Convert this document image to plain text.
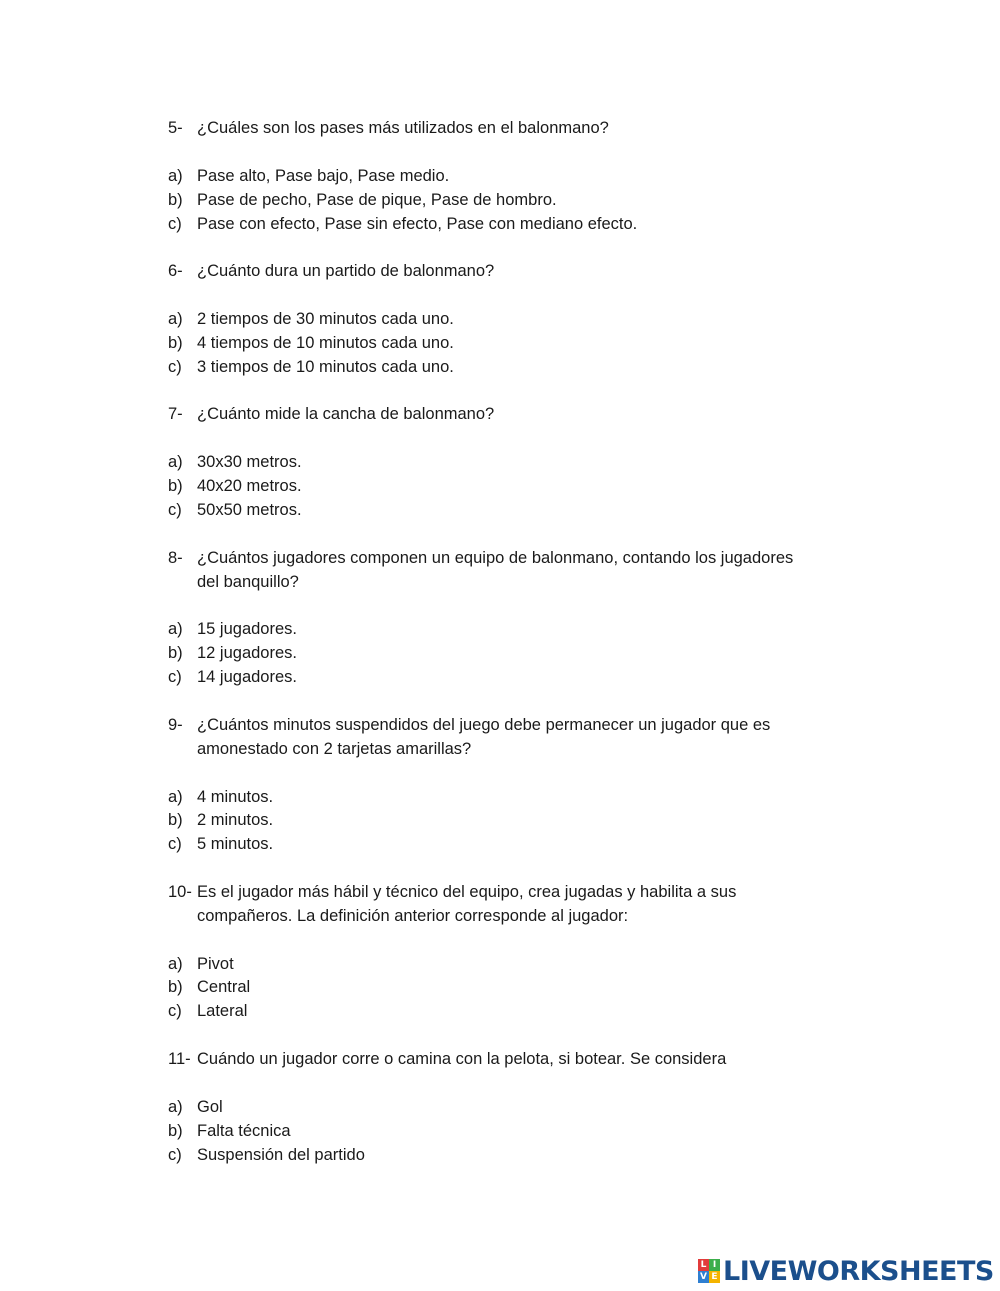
5- ¿Cuáles son los pases más utilizados en el balonmano?
a) Pase alto, Pase bajo, Pase medio.
b) Pase de pecho, Pase de pique, Pase de hombro.
c) Pase con efecto, Pase sin efecto, Pase con mediano efecto.
6- ¿Cuánto dura un partido de balonmano?
a) 2 tiempos de 30 minutos cada uno.
b) 4 tiempos de 10 minutos cada uno.
c) 3 tiempos de 10 minutos cada uno.
7- ¿Cuánto mide la cancha de balonmano?
a) 30x30 metros.
b) 40x20 metros.
c) 50x50 metros.
8- ¿Cuántos jugadores componen un equipo de balonmano, contando los jugadores
del banquillo?
a) 15 jugadores.
b) 12 jugadores.
c) 14 jugadores.
9- ¿Cuántos minutos suspendidos del juego debe permanecer un jugador que es
amonestado con 2 tarjetas amarillas?
a) 4 minutos.
b) 2 minutos.
c) 5 minutos.
10- Es el jugador más hábil y técnico del equipo, crea jugadas y habilita a sus
compañeros. La definición anterior corresponde al jugador:
a) Pivot
b) Central
c) Lateral
11- Cuándo un jugador corre o camina con la pelota, si botear. Se considera
a) Gol
b) Falta técnica
c) Suspensión del partido
L I
V E LIVEWORKSHEETS
